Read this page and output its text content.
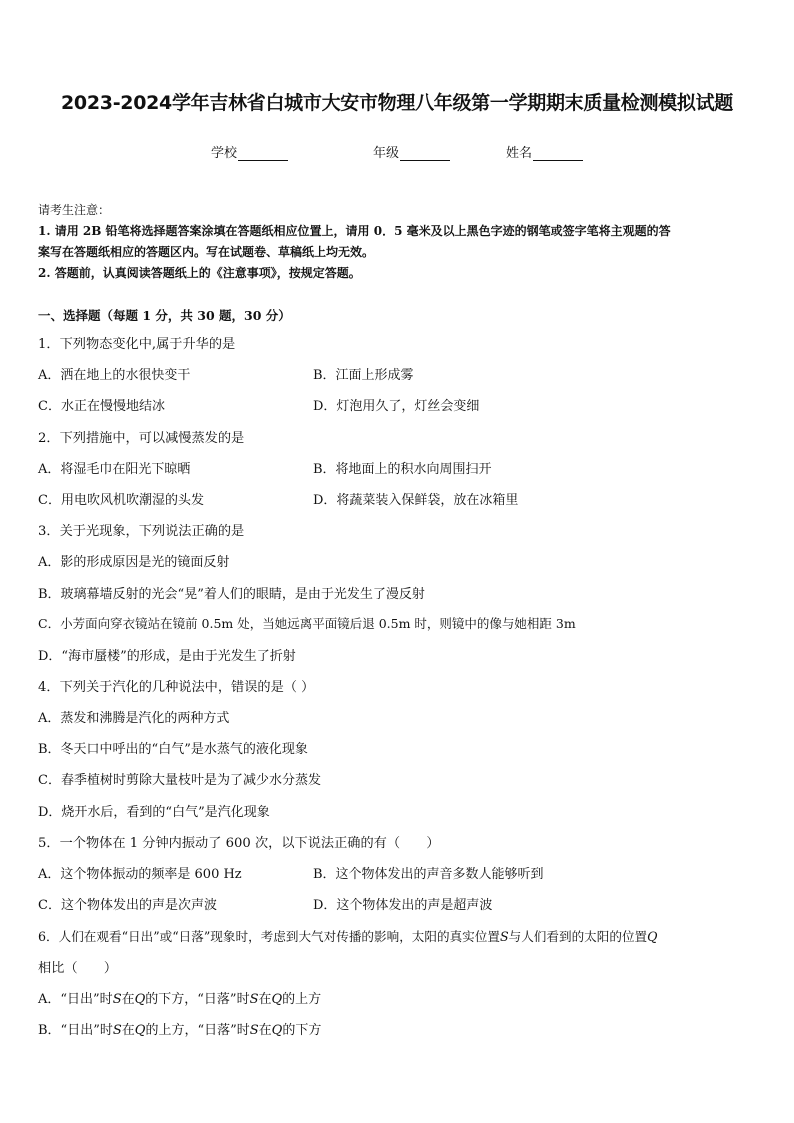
2023-2024学年吉林省白城市大安市物理八年级第一学期期末质量检测模拟试题
学校	年级	姓名
请考生注意：
1. 请用 2B 铅笔将选择题答案涂填在答题纸相应位置上，请用 0．5 毫米及以上黑色字迹的钢笔或签字笔将主观题的答
案写在答题纸相应的答题区内。写在试题卷、草稿纸上均无效。
2. 答题前，认真阅读答题纸上的《注意事项》，按规定答题。
一、选择题（每题 1 分，共 30 题，30 分）
1．下列物态变化中,属于升华的是
A．洒在地上的水很快变干	B．江面上形成雾
C．水正在慢慢地结冰	D．灯泡用久了，灯丝会变细
2．下列措施中，可以减慢蒸发的是
A．将湿毛巾在阳光下晾晒	B．将地面上的积水向周围扫开
C．用电吹风机吹潮湿的头发	D．将蔬菜装入保鲜袋，放在冰箱里
3．关于光现象，下列说法正确的是
A．影的形成原因是光的镜面反射
B．玻璃幕墙反射的光会“晃”着人们的眼睛，是由于光发生了漫反射
C．小芳面向穿衣镜站在镜前 0.5m 处，当她远离平面镜后退 0.5m 时，则镜中的像与她相距 3m
D．“海市蜃楼”的形成，是由于光发生了折射
4．下列关于汽化的几种说法中，错误的是（ ）
A．蒸发和沸腾是汽化的两种方式
B．冬天口中呼出的“白气”是水蒸气的液化现象
C．春季植树时剪除大量枝叶是为了减少水分蒸发
D．烧开水后，看到的“白气”是汽化现象
5．一个物体在 1 分钟内振动了 600 次，以下说法正确的有（　　）
A．这个物体振动的频率是 600 Hz	B．这个物体发出的声音多数人能够听到
C．这个物体发出的声是次声波	D．这个物体发出的声是超声波
6．人们在观看“日出”或“日落”现象时，考虑到大气对传播的影响，太阳的真实位置S与人们看到的太阳的位置Q
相比（　　）
A．“日出”时S在Q的下方，“日落”时S在Q的上方
B．“日出”时S在Q的上方，“日落”时S在Q的下方
